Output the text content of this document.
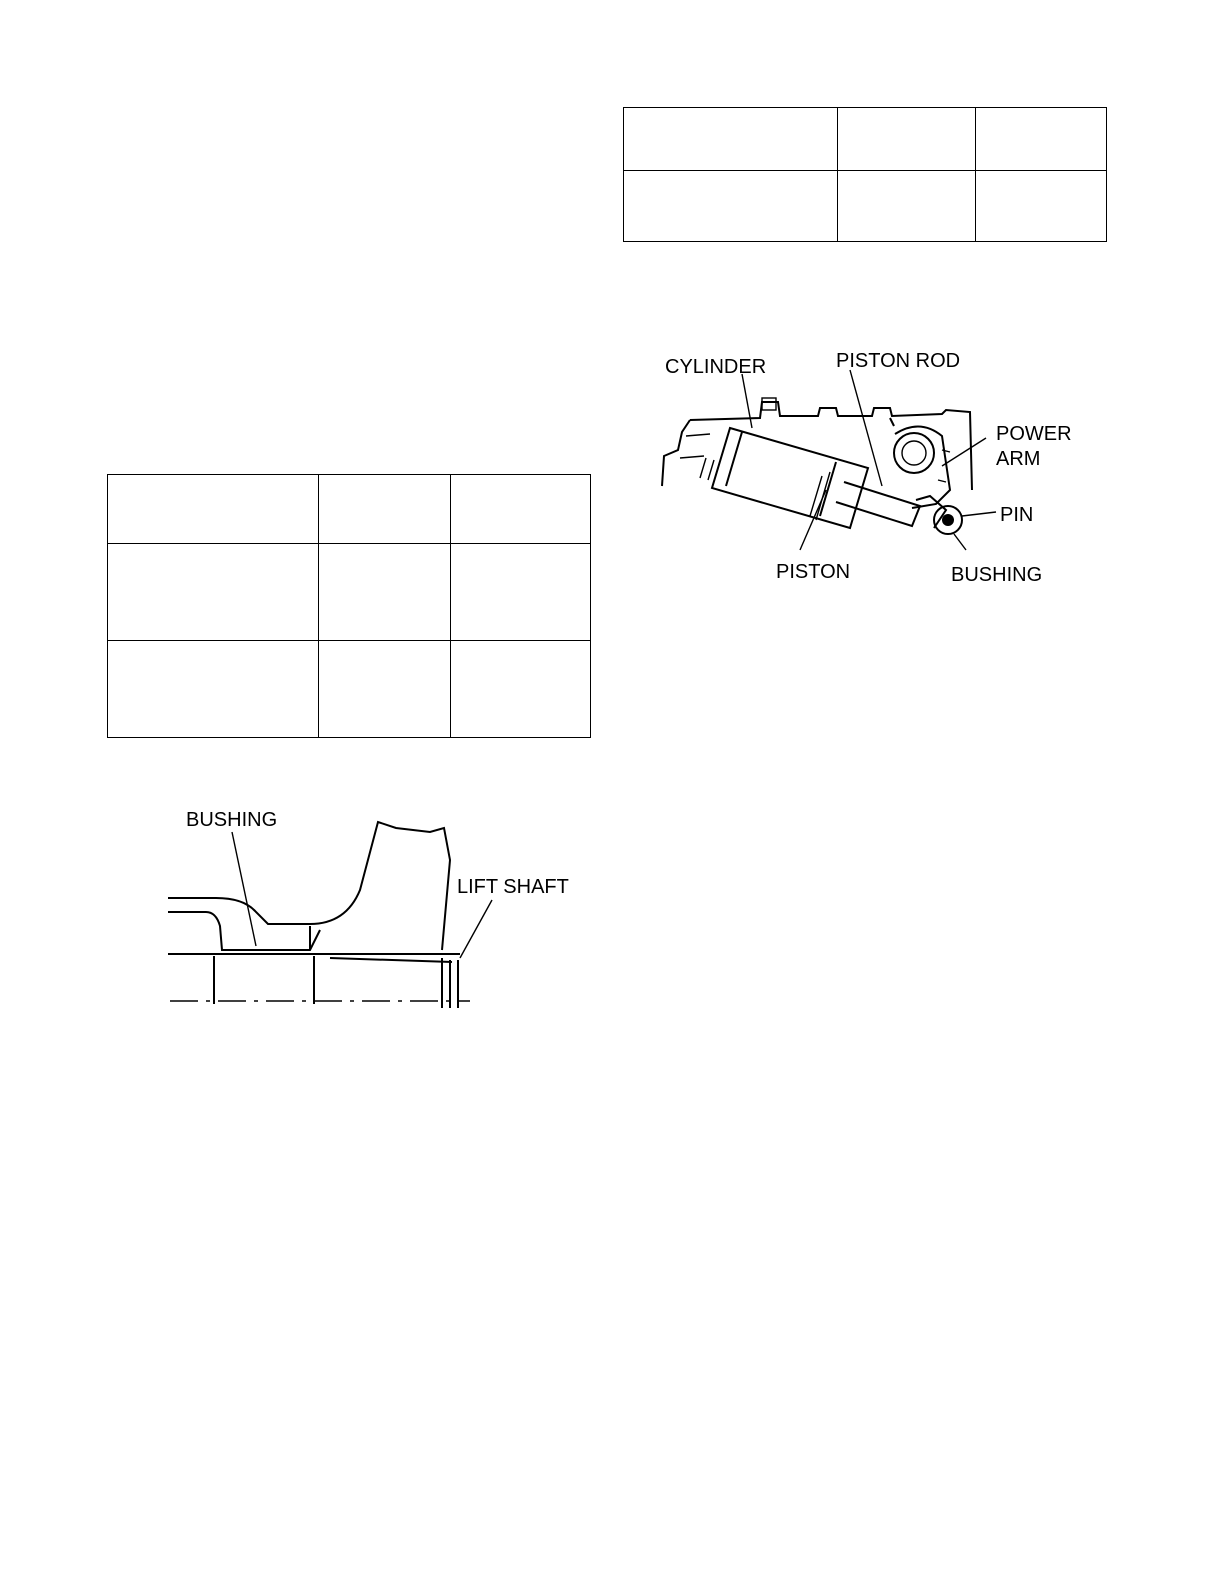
CYLINDER	PISTON ROD
POWER
ARM
PIN
PISTON	BUSHING
BUSHING
LIFT SHAFT
